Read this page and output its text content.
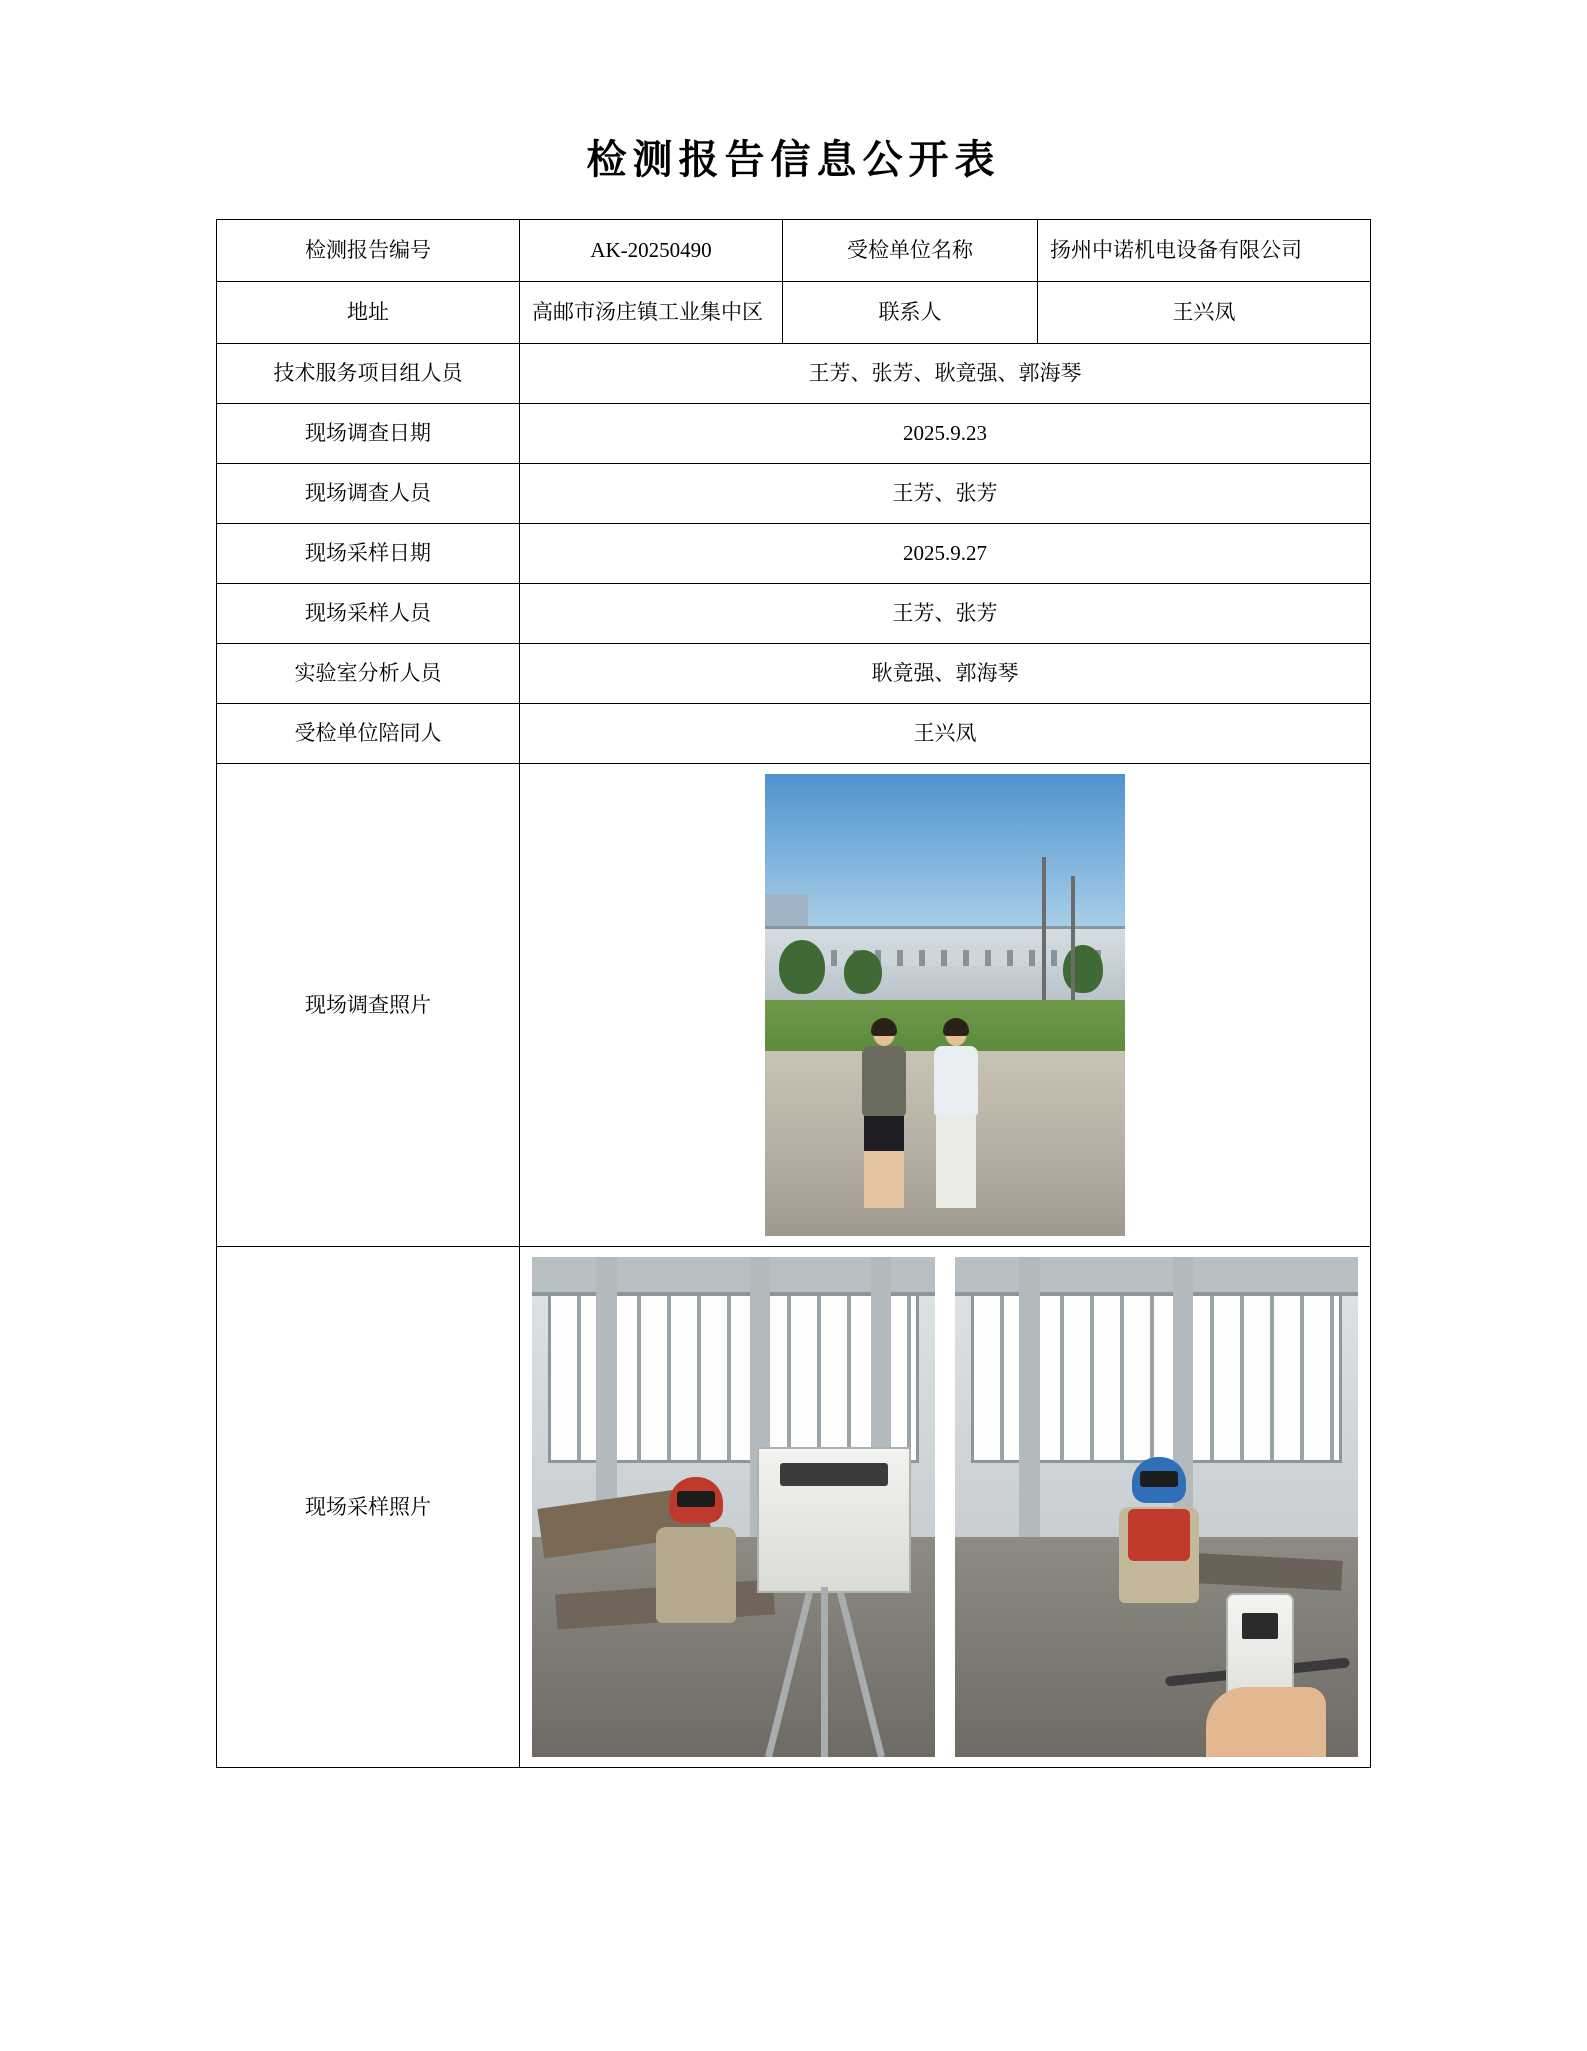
检测报告信息公开表
检测报告编号	AK-20250490	受检单位名称	扬州中诺机电设备有限公司
地址	高邮市汤庄镇工业集中区	联系人	王兴凤
技术服务项目组人员	王芳、张芳、耿竟强、郭海琴		
现场调查日期	2025.9.23		
现场调查人员	王芳、张芳		
现场采样日期	2025.9.27		
现场采样人员	王芳、张芳		
实验室分析人员	耿竟强、郭海琴		
受检单位陪同人	王兴凤		
现场调查照片			

现场采样照片			
